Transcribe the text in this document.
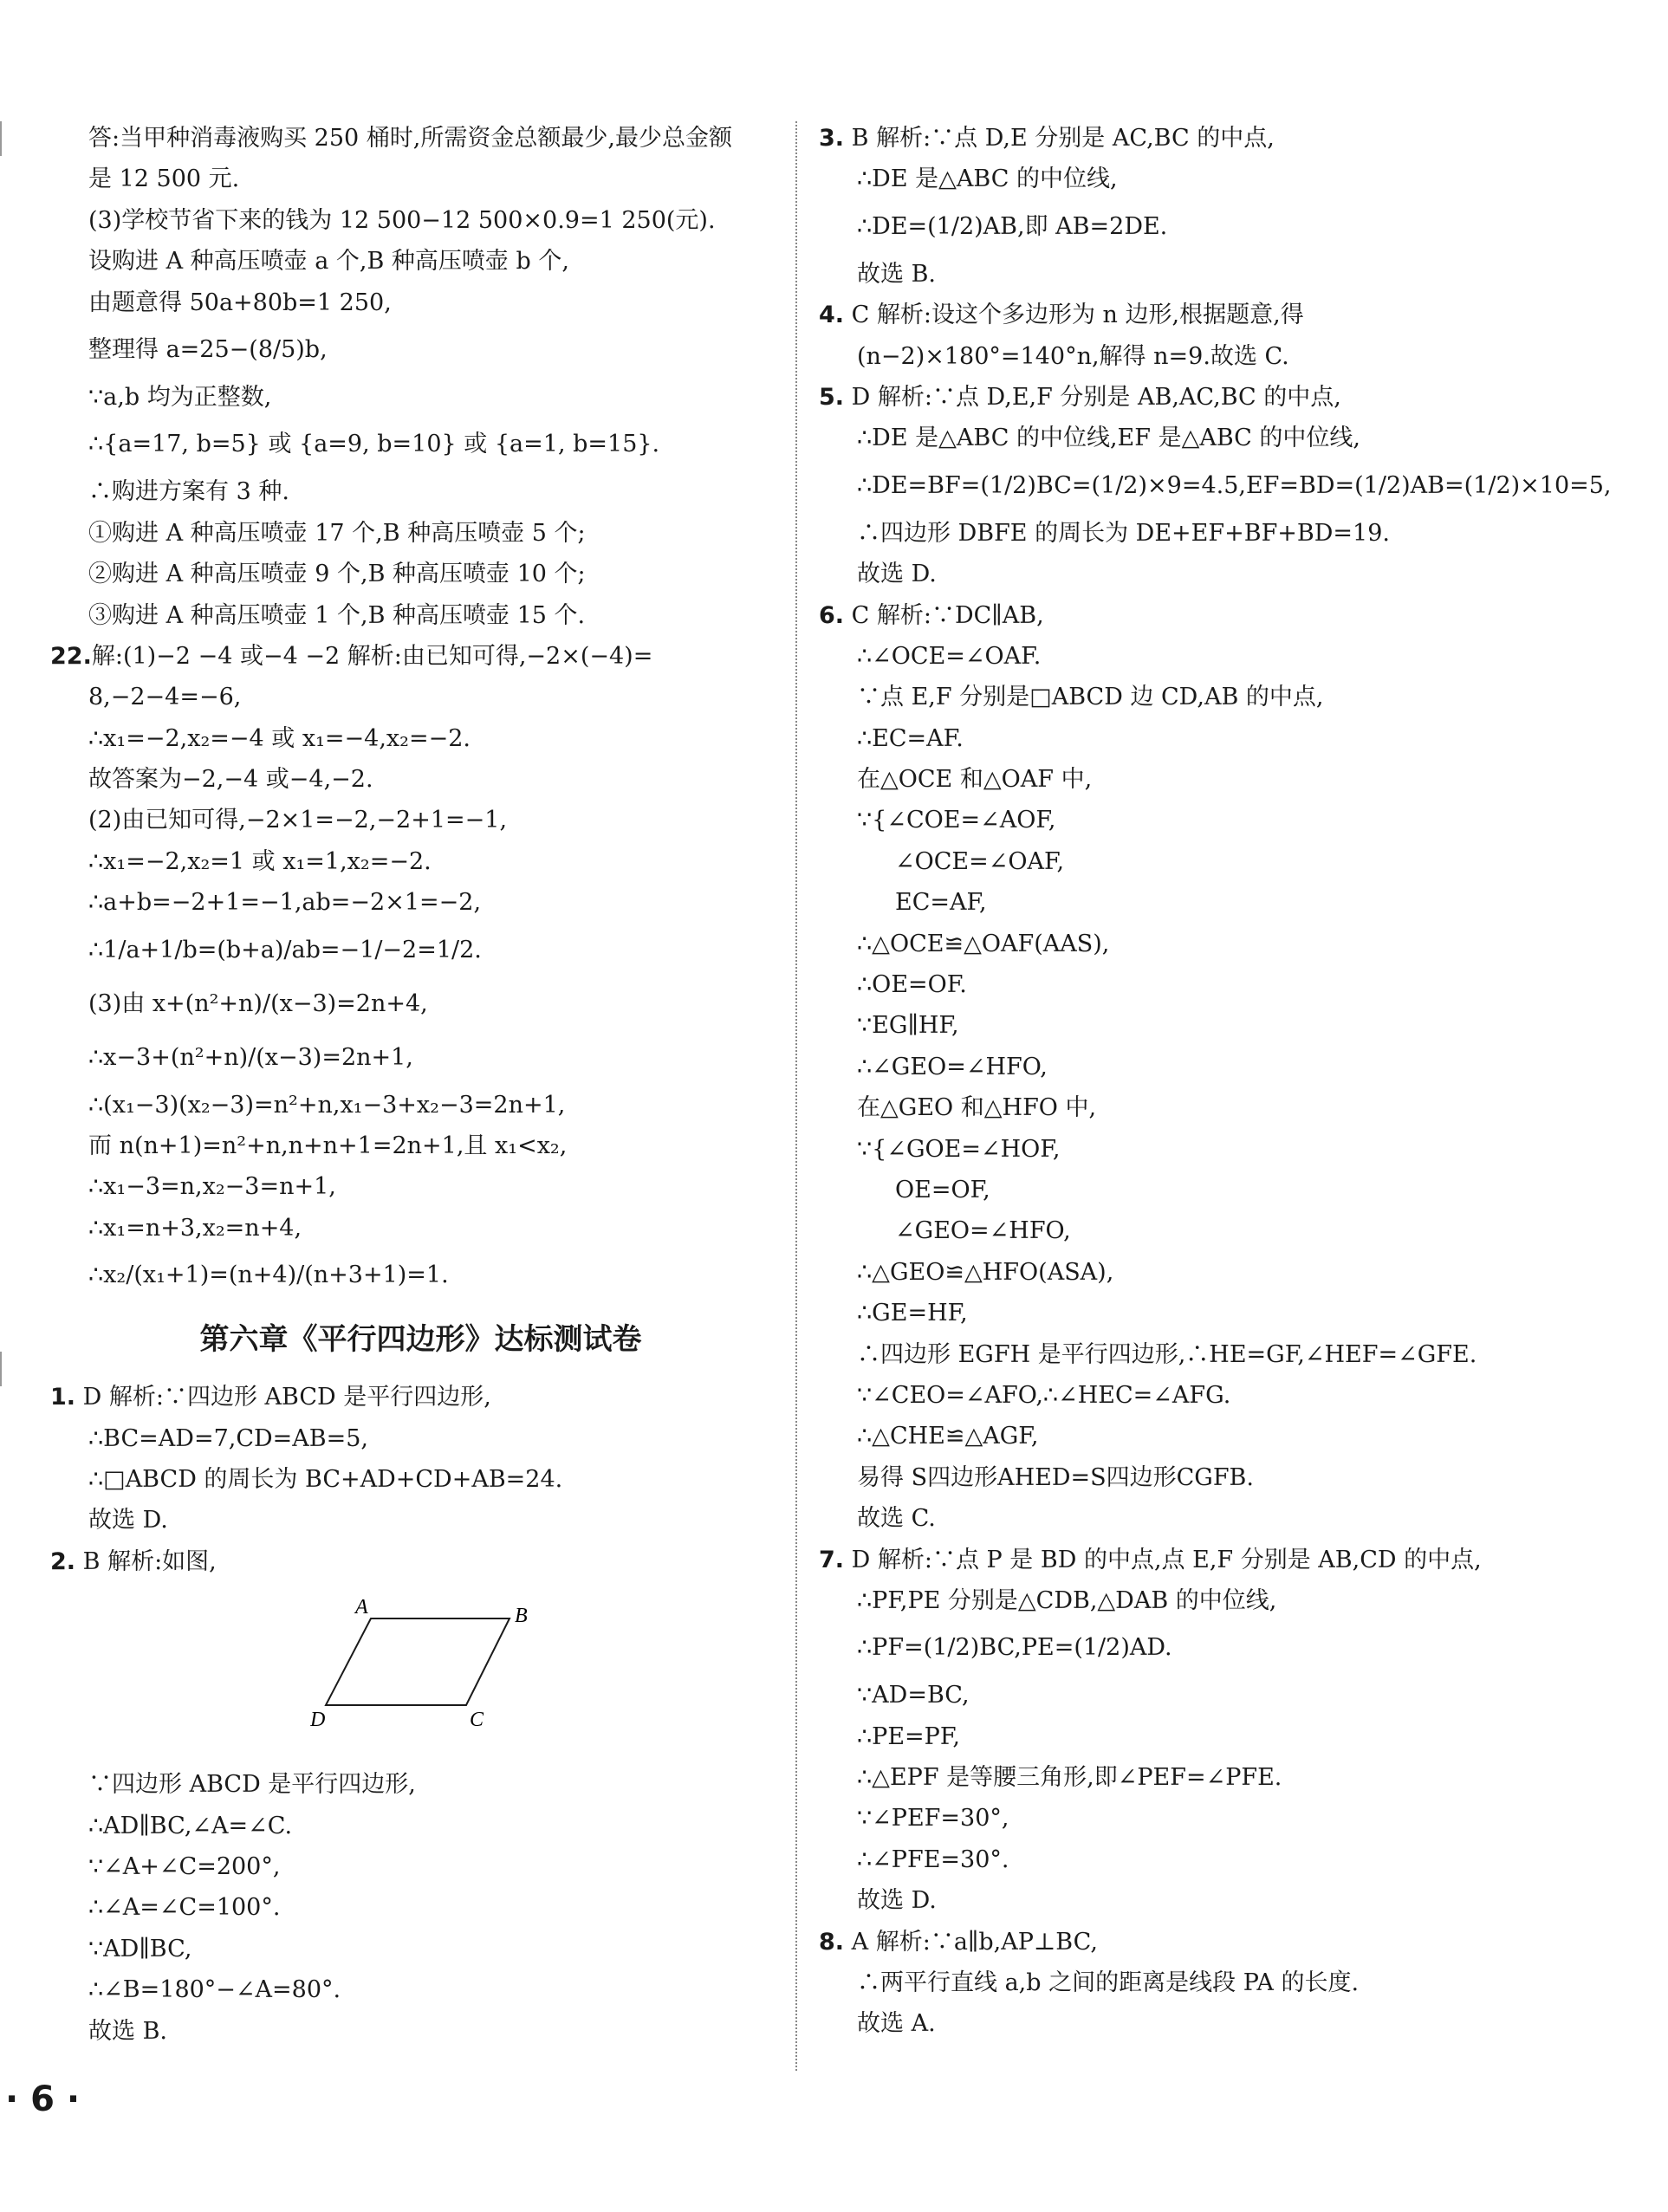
答:当甲种消毒液购买 250 桶时,所需资金总额最少,最少总金额
是 12 500 元.
(3)学校节省下来的钱为 12 500−12 500×0.9=1 250(元).
设购进 A 种高压喷壶 a 个,B 种高压喷壶 b 个,
由题意得 50a+80b=1 250,
整理得 a=25−(8/5)b,
∵a,b 均为正整数,
∴{a=17, b=5} 或 {a=9, b=10} 或 {a=1, b=15}.
∴购进方案有 3 种.
①购进 A 种高压喷壶 17 个,B 种高压喷壶 5 个;
②购进 A 种高压喷壶 9 个,B 种高压喷壶 10 个;
③购进 A 种高压喷壶 1 个,B 种高压喷壶 15 个.
22.解:(1)−2 −4 或−4 −2 解析:由已知可得,−2×(−4)=
8,−2−4=−6,
∴x₁=−2,x₂=−4 或 x₁=−4,x₂=−2.
故答案为−2,−4 或−4,−2.
(2)由已知可得,−2×1=−2,−2+1=−1,
∴x₁=−2,x₂=1 或 x₁=1,x₂=−2.
∴a+b=−2+1=−1,ab=−2×1=−2,
∴1/a+1/b=(b+a)/ab=−1/−2=1/2.
(3)由 x+(n²+n)/(x−3)=2n+4,
∴x−3+(n²+n)/(x−3)=2n+1,
∴(x₁−3)(x₂−3)=n²+n,x₁−3+x₂−3=2n+1,
而 n(n+1)=n²+n,n+n+1=2n+1,且 x₁<x₂,
∴x₁−3=n,x₂−3=n+1,
∴x₁=n+3,x₂=n+4,
∴x₂/(x₁+1)=(n+4)/(n+3+1)=1.
第六章《平行四边形》达标测试卷
1. D 解析:∵四边形 ABCD 是平行四边形,
∴BC=AD=7,CD=AB=5,
∴□ABCD 的周长为 BC+AD+CD+AB=24.
故选 D.
2. B 解析:如图,
A	B
C
D
∵四边形 ABCD 是平行四边形,
∴AD∥BC,∠A=∠C.
∵∠A+∠C=200°,
∴∠A=∠C=100°.
∵AD∥BC,
∴∠B=180°−∠A=80°.
故选 B.
3. B 解析:∵点 D,E 分别是 AC,BC 的中点,
∴DE 是△ABC 的中位线,
∴DE=(1/2)AB,即 AB=2DE.
故选 B.
4. C 解析:设这个多边形为 n 边形,根据题意,得
(n−2)×180°=140°n,解得 n=9.故选 C.
5. D 解析:∵点 D,E,F 分别是 AB,AC,BC 的中点,
∴DE 是△ABC 的中位线,EF 是△ABC 的中位线,
∴DE=BF=(1/2)BC=(1/2)×9=4.5,EF=BD=(1/2)AB=(1/2)×10=5,
∴四边形 DBFE 的周长为 DE+EF+BF+BD=19.
故选 D.
6. C 解析:∵DC∥AB,
∴∠OCE=∠OAF.
∵点 E,F 分别是□ABCD 边 CD,AB 的中点,
∴EC=AF.
在△OCE 和△OAF 中,
∵{∠COE=∠AOF,
∠OCE=∠OAF,
EC=AF,
∴△OCE≌△OAF(AAS),
∴OE=OF.
∵EG∥HF,
∴∠GEO=∠HFO,
在△GEO 和△HFO 中,
∵{∠GOE=∠HOF,
OE=OF,
∠GEO=∠HFO,
∴△GEO≌△HFO(ASA),
∴GE=HF,
∴四边形 EGFH 是平行四边形,∴HE=GF,∠HEF=∠GFE.
∵∠CEO=∠AFO,∴∠HEC=∠AFG.
∴△CHE≌△AGF,
易得 S四边形AHED=S四边形CGFB.
故选 C.
7. D 解析:∵点 P 是 BD 的中点,点 E,F 分别是 AB,CD 的中点,
∴PF,PE 分别是△CDB,△DAB 的中位线,
∴PF=(1/2)BC,PE=(1/2)AD.
∵AD=BC,
∴PE=PF,
∴△EPF 是等腰三角形,即∠PEF=∠PFE.
∵∠PEF=30°,
∴∠PFE=30°.
故选 D.
8. A 解析:∵a∥b,AP⊥BC,
∴两平行直线 a,b 之间的距离是线段 PA 的长度.
故选 A.
· 6 ·
